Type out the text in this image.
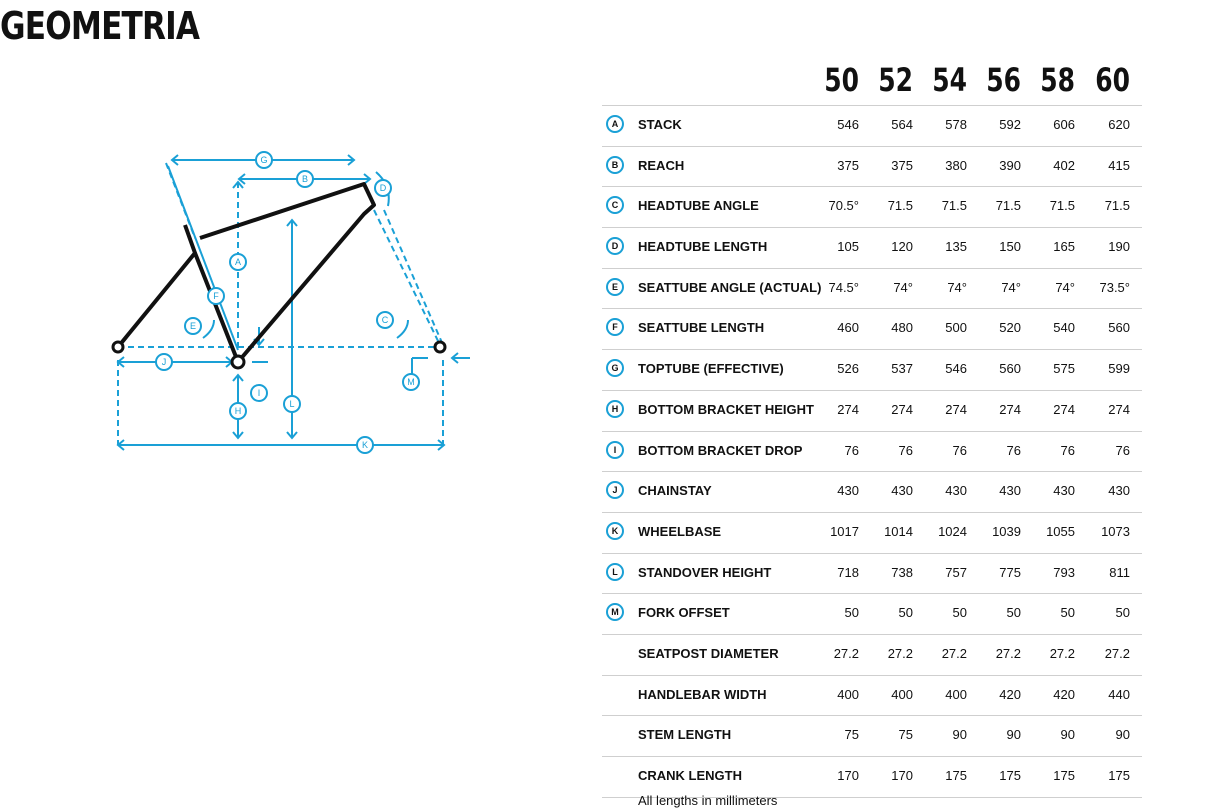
GEOMETRIA
G
B
D
A
F
E
C
J
I
L
H
M
K
50 52 54 56 58 60
A	STACK	546	564	578	592	606	620
B	REACH	375	375	380	390	402	415
C	HEADTUBE ANGLE	70.5°	71.5	71.5	71.5	71.5	71.5
D	HEADTUBE LENGTH	105	120	135	150	165	190
E	SEATTUBE ANGLE (ACTUAL) 74.5°	74°	74°	74°	74°	73.5°
F	SEATTUBE LENGTH	460	480	500	520	540	560
G	TOPTUBE (EFFECTIVE)	526	537	546	560	575	599
H	BOTTOM BRACKET HEIGHT	274	274	274	274	274	274
I	BOTTOM BRACKET DROP	76	76	76	76	76	76
J	CHAINSTAY	430	430	430	430	430	430
K	WHEELBASE	1017	1014	1024	1039	1055	1073
L	STANDOVER HEIGHT	718	738	757	775	793	811
M	FORK OFFSET	50	50	50	50	50	50
SEATPOST DIAMETER	27.2	27.2	27.2	27.2	27.2	27.2
HANDLEBAR WIDTH	400	400	400	420	420	440
STEM LENGTH	75	75	90	90	90	90
CRANK LENGTH	170	170	175	175	175	175
All lengths in millimeters
